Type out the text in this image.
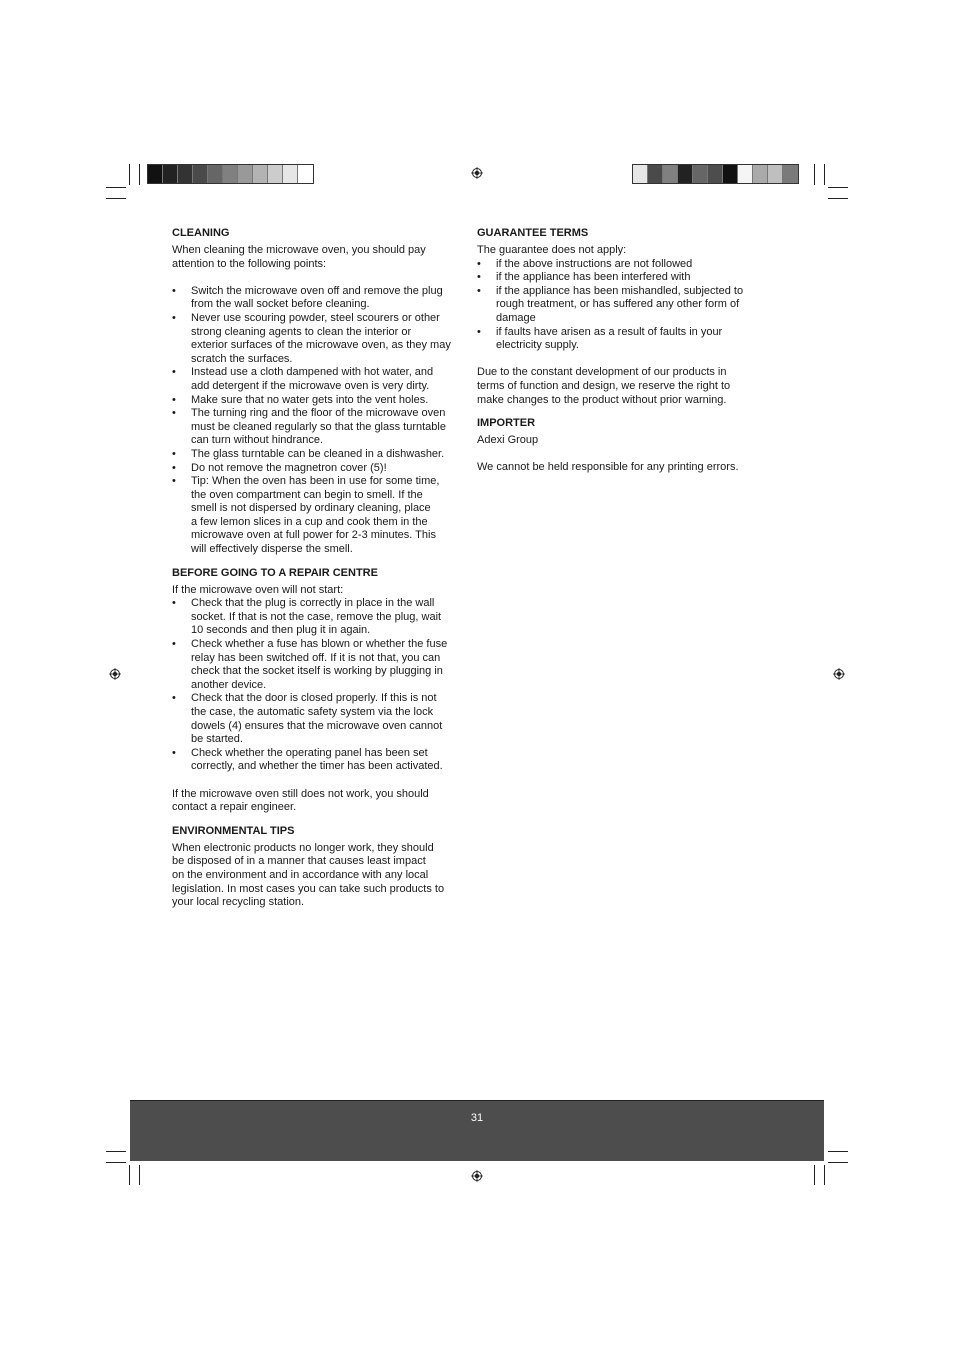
CLEANING

When cleaning the microwave oven, you should pay

attention to the following points:

• Switch the microwave oven off and remove the plug
from the wall socket before cleaning.
• Never use scouring powder, steel scourers or other
strong cleaning agents to clean the interior or
exterior surfaces of the microwave oven, as they may
scratch the surfaces.
• Instead use a cloth dampened with hot water, and
add detergent if the microwave oven is very dirty.
• Make sure that no water gets into the vent holes.
• The turning ring and the floor of the microwave oven
must be cleaned regularly so that the glass turntable
can turn without hindrance.
• The glass turntable can be cleaned in a dishwasher.
• Do not remove the magnetron cover (5)!
• Tip: When the oven has been in use for some time,
the oven compartment can begin to smell. If the
smell is not dispersed by ordinary cleaning, place
a few lemon slices in a cup and cook them in the
microwave oven at full power for 2-3 minutes. This
will effectively disperse the smell.
BEFORE GOING TO A REPAIR CENTRE

If the microwave oven will not start:

• Check that the plug is correctly in place in the wall
socket. If that is not the case, remove the plug, wait
10 seconds and then plug it in again.
• Check whether a fuse has blown or whether the fuse
relay has been switched off. If it is not that, you can
check that the socket itself is working by plugging in
another device.
• Check that the door is closed properly. If this is not
the case, the automatic safety system via the lock
dowels (4) ensures that the microwave oven cannot
be started.
• Check whether the operating panel has been set
correctly, and whether the timer has been activated.

If the microwave oven still does not work, you should

contact a repair engineer.

ENVIRONMENTAL TIPS

When electronic products no longer work, they should

be disposed of in a manner that causes least impact

on the environment and in accordance with any local

legislation. In most cases you can take such products to

your local recycling station.

GUARANTEE TERMS

The guarantee does not apply:

• if the above instructions are not followed
• if the appliance has been interfered with
• if the appliance has been mishandled, subjected to
rough treatment, or has suffered any other form of
damage
• if faults have arisen as a result of faults in your
electricity supply.

Due to the constant development of our products in

terms of function and design, we reserve the right to

make changes to the product without prior warning.

IMPORTER

Adexi Group

We cannot be held responsible for any printing errors.

31
